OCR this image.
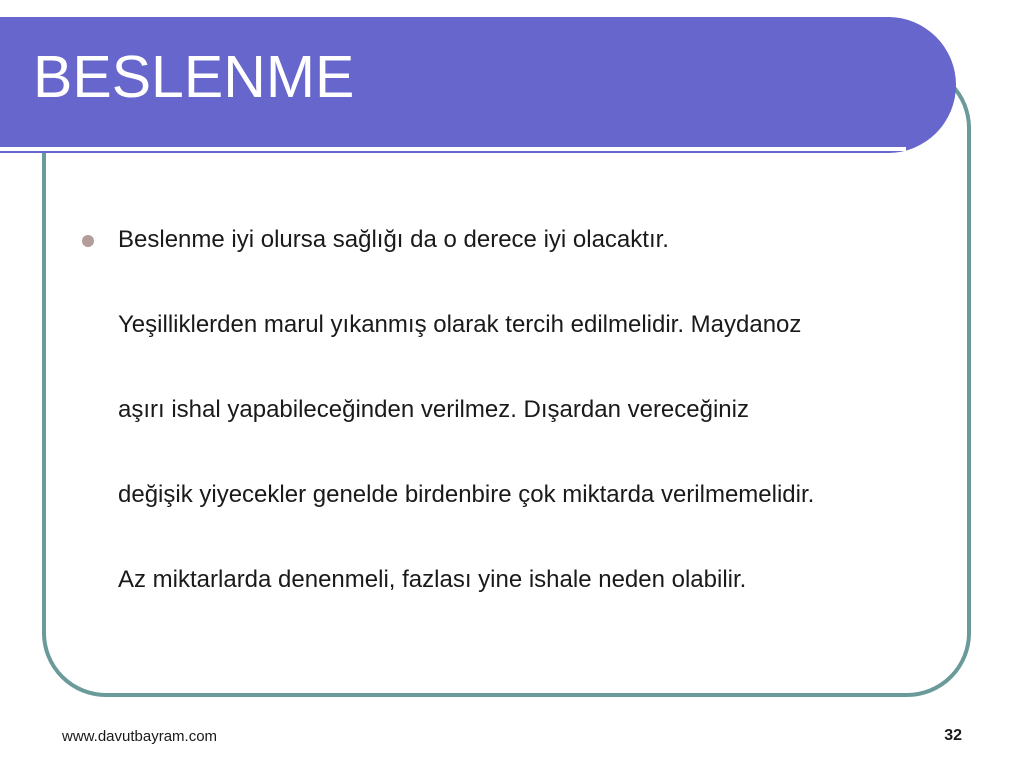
BESLENME
Beslenme iyi olursa sağlığı da o derece iyi olacaktır.
Yeşilliklerden marul yıkanmış olarak tercih edilmelidir. Maydanoz
aşırı ishal yapabileceğinden verilmez. Dışardan vereceğiniz
değişik yiyecekler genelde birdenbire çok miktarda verilmemelidir.
Az miktarlarda denenmeli, fazlası yine ishale neden olabilir.
www.davutbayram.com	32
